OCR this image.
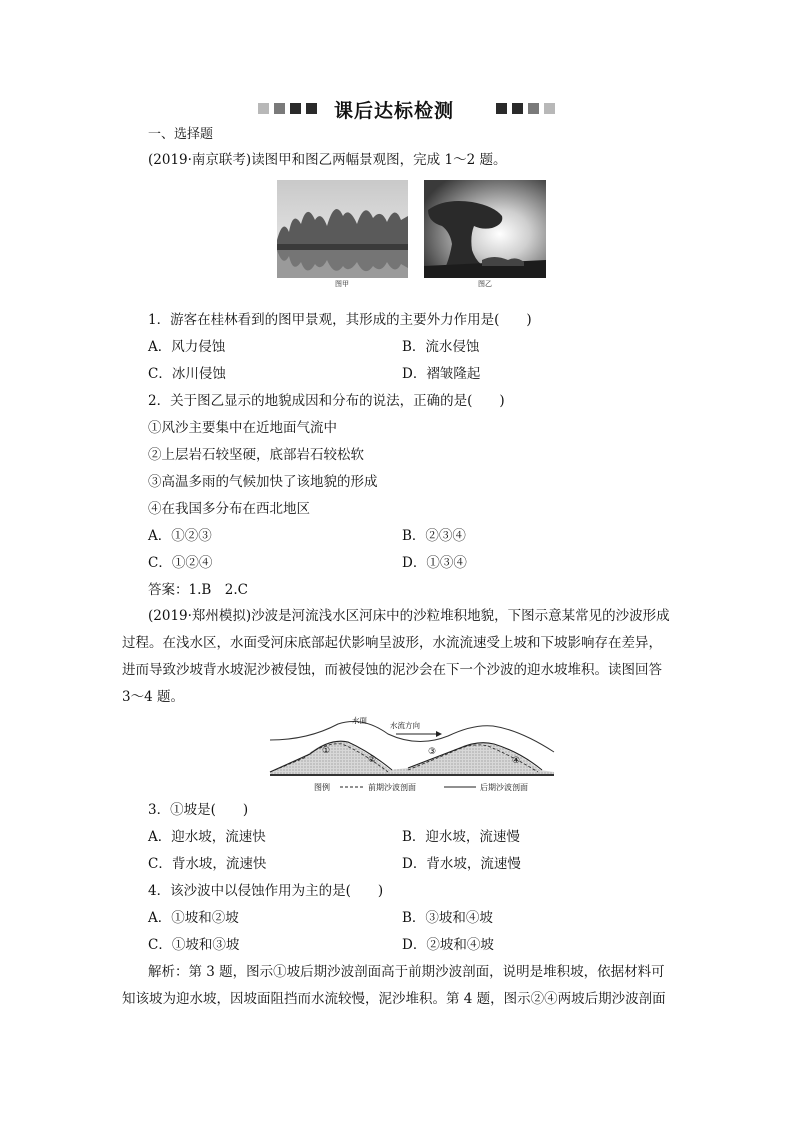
课后达标检测
一、选择题
(2019·南京联考)读图甲和图乙两幅景观图，完成 1～2 题。
图甲	图乙
1．游客在桂林看到的图甲景观，其形成的主要外力作用是(　　)
A．风力侵蚀	B．流水侵蚀
C．冰川侵蚀	D．褶皱隆起
2．关于图乙显示的地貌成因和分布的说法，正确的是(　　)
①风沙主要集中在近地面气流中
②上层岩石较坚硬，底部岩石较松软
③高温多雨的气候加快了该地貌的形成
④在我国多分布在西北地区
A．①②③	B．②③④
C．①②④	D．①③④
答案：1.B　2.C
(2019·郑州模拟)沙波是河流浅水区河床中的沙粒堆积地貌，下图示意某常见的沙波形成
过程。在浅水区，水面受河床底部起伏影响呈波形，水流流速受上坡和下坡影响存在差异，
进而导致沙坡背水坡泥沙被侵蚀，而被侵蚀的泥沙会在下一个沙波的迎水坡堆积。读图回答
3～4 题。
水面
水流方向
①
②
③
④
图例	前期沙波剖面	后期沙波剖面
3．①坡是(　　)
A．迎水坡，流速快	B．迎水坡，流速慢
C．背水坡，流速快	D．背水坡，流速慢
4．该沙波中以侵蚀作用为主的是(　　)
A．①坡和②坡	B．③坡和④坡
C．①坡和③坡	D．②坡和④坡
解析：第 3 题，图示①坡后期沙波剖面高于前期沙波剖面，说明是堆积坡，依据材料可
知该坡为迎水坡，因坡面阻挡而水流较慢，泥沙堆积。第 4 题，图示②④两坡后期沙波剖面
